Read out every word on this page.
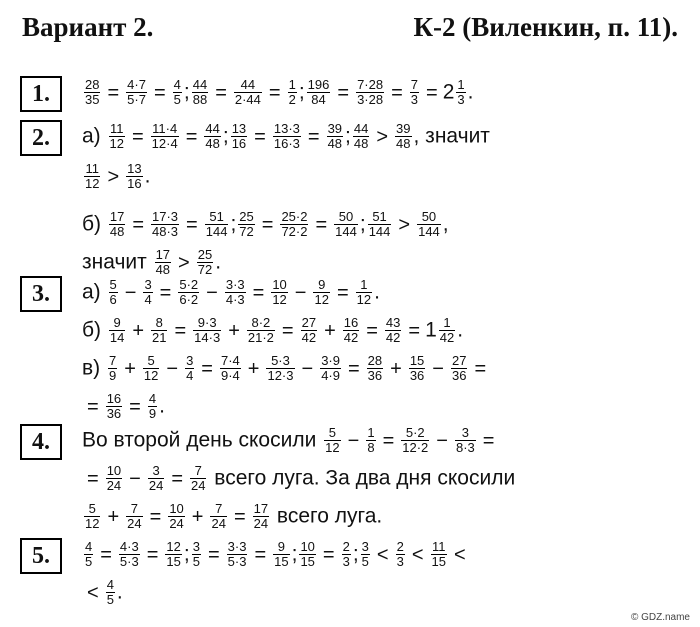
Вариант 2.	К-2 (Виленкин, п. 11).
1.	$\frac{28}{35} = \frac{4\cdot 7}{5\cdot 7} = \frac{4}{5}$ ; $\frac{44}{88} = \frac{44}{2\cdot 44} = \frac{1}{2}$ ; $\frac{196}{84} = \frac{7\cdot 28}{3\cdot 28} = \frac{7}{3} = 2 \frac{1}{3}$ .
2.	$а) \frac{11}{12} = \frac{11\cdot 4}{12\cdot 4} = \frac{44}{48}$ ; $\frac{13}{16} = \frac{13\cdot 3}{16\cdot 3} = \frac{39}{48}$ ; $\frac{44}{48} > \frac{39}{48}$ , значит
$\frac{11}{12} > \frac{13}{16}$ .
$б) \frac{17}{48} = \frac{17\cdot 3}{48\cdot 3} = \frac{51}{144}$ ; $\frac{25}{72} = \frac{25\cdot 2}{72\cdot 2} = \frac{50}{144}$ ; $\frac{51}{144} > \frac{50}{144}$ ,
значит $\frac{17}{48} > \frac{25}{72}$ .
3.	$а) \frac{5}{6} - \frac{3}{4} = \frac{5\cdot 2}{6\cdot 2} - \frac{3\cdot 3}{4\cdot 3} = \frac{10}{12} - \frac{9}{12} = \frac{1}{12}$ .
$б) \frac{9}{14} + \frac{8}{21} = \frac{9\cdot 3}{14\cdot 3} + \frac{8\cdot 2}{21\cdot 2} = \frac{27}{42} + \frac{16}{42} = \frac{43}{42} = 1 \frac{1}{42}$ .
$в) \frac{7}{9} + \frac{5}{12} - \frac{3}{4} = \frac{7\cdot 4}{9\cdot 4} + \frac{5\cdot 3}{12\cdot 3} - \frac{3\cdot 9}{4\cdot 9} = \frac{28}{36} + \frac{15}{36} - \frac{27}{36}$ =
= $\frac{16}{36} = \frac{4}{9}$ .
4.	Во второй день скосили $\frac{5}{12} - \frac{1}{8} = \frac{5\cdot 2}{12\cdot 2} - \frac{3}{8\cdot 3}$ =
= $\frac{10}{24} - \frac{3}{24} = \frac{7}{24}$ всего луга. За два дня скосили
$\frac{5}{12} + \frac{7}{24} = \frac{10}{24} + \frac{7}{24} = \frac{17}{24}$ всего луга.
5.	$\frac{4}{5} = \frac{4\cdot 3}{5\cdot 3} = \frac{12}{15}$ ; $\frac{3}{5} = \frac{3\cdot 3}{5\cdot 3} = \frac{9}{15}$ ; $\frac{10}{15} = \frac{2}{3}$ ; $\frac{3}{5} < \frac{2}{3} < \frac{11}{15}$ <
< $\frac{4}{5}$ .
© GDZ.name
